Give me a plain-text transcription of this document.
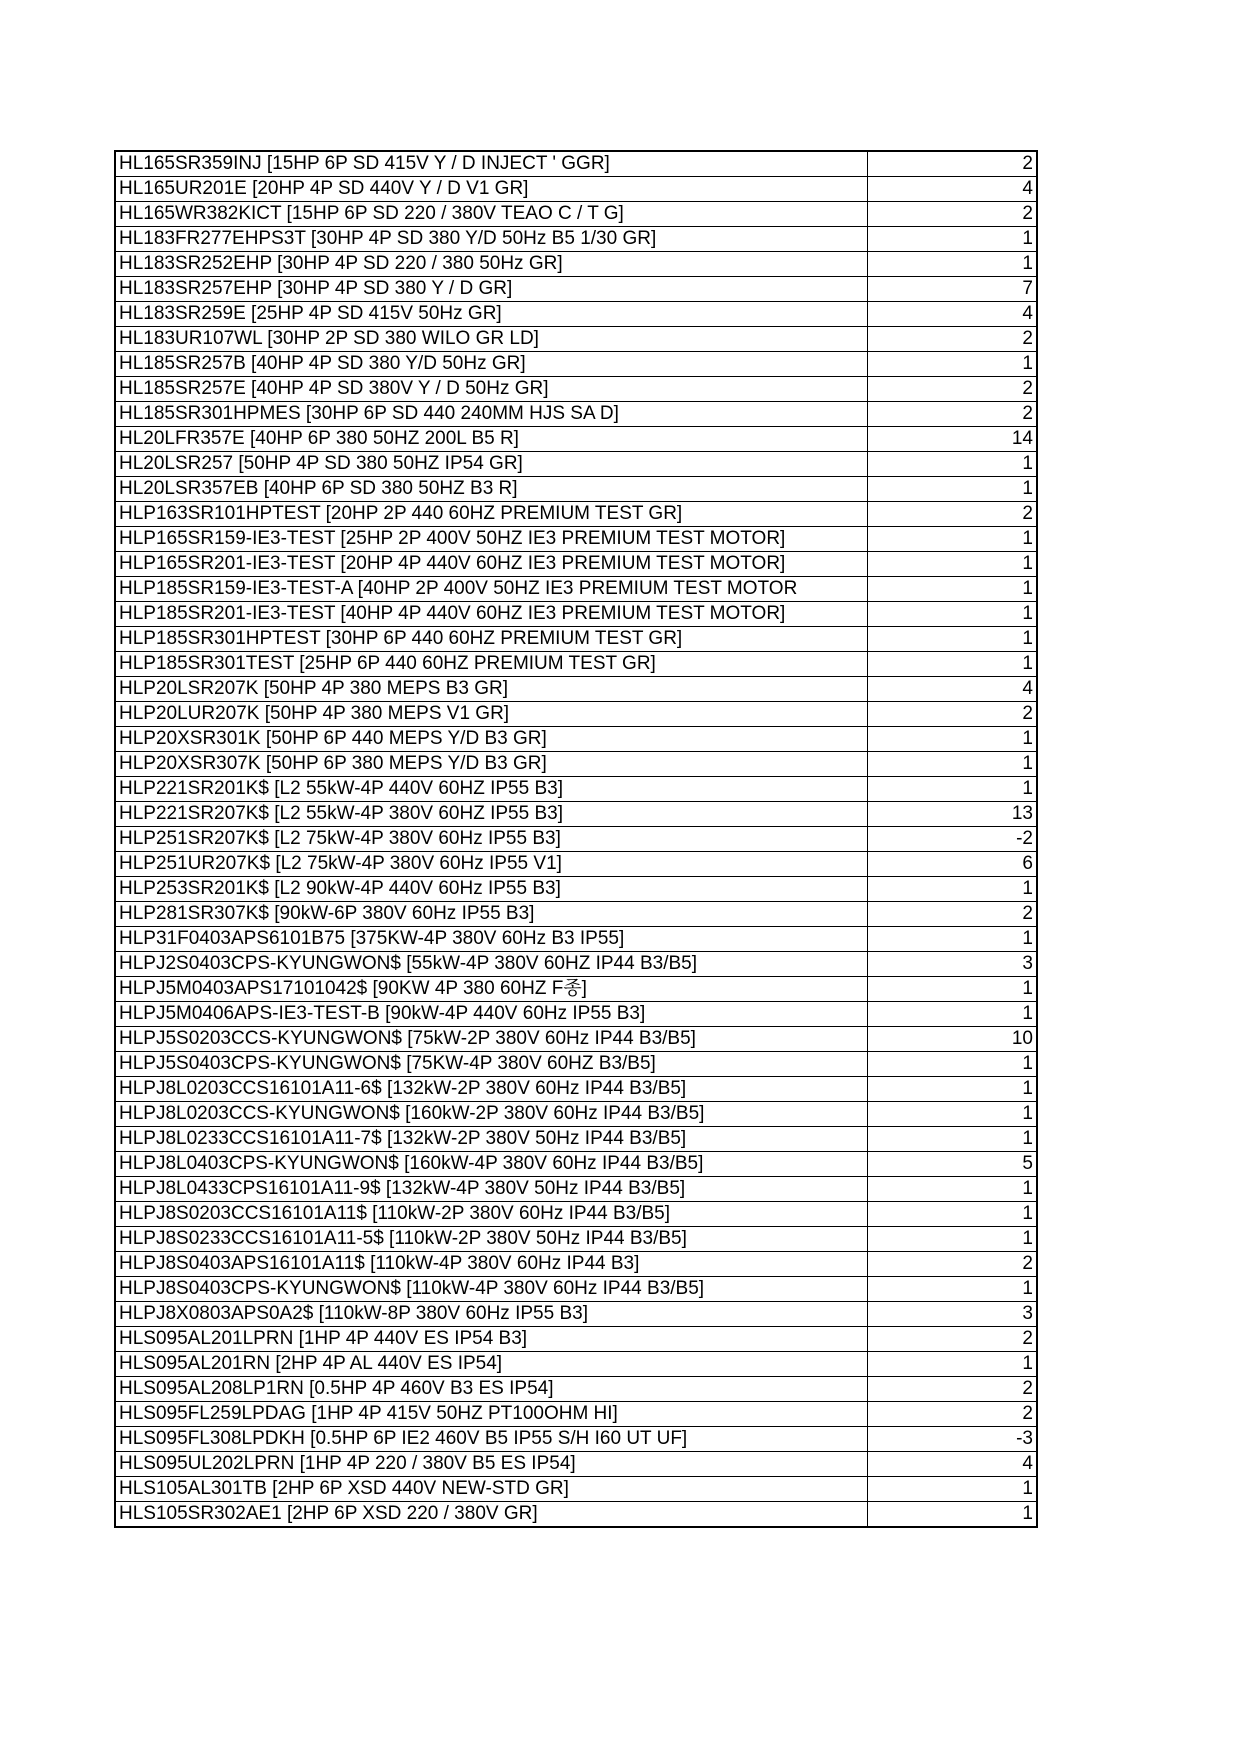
HL165SR359INJ [15HP 6P SD 415V Y / D INJECT ' GGR]	2
HL165UR201E [20HP 4P SD 440V Y / D V1 GR]	4
HL165WR382KICT [15HP 6P SD 220 / 380V TEAO C / T G]	2
HL183FR277EHPS3T [30HP 4P SD 380 Y/D 50Hz B5 1/30 GR]	1
HL183SR252EHP [30HP 4P SD 220 / 380 50Hz GR]	1
HL183SR257EHP [30HP 4P SD 380 Y / D GR]	7
HL183SR259E [25HP 4P SD 415V 50Hz GR]	4
HL183UR107WL [30HP 2P SD 380 WILO GR LD]	2
HL185SR257B [40HP 4P SD 380 Y/D 50Hz GR]	1
HL185SR257E [40HP 4P SD 380V Y / D 50Hz GR]	2
HL185SR301HPMES [30HP 6P SD 440 240MM HJS SA D]	2
HL20LFR357E [40HP 6P 380 50HZ 200L B5 R]	14
HL20LSR257 [50HP 4P SD 380 50HZ IP54 GR]	1
HL20LSR357EB [40HP 6P SD 380 50HZ B3 R]	1
HLP163SR101HPTEST [20HP 2P 440 60HZ PREMIUM TEST GR]	2
HLP165SR159-IE3-TEST [25HP 2P 400V 50HZ IE3 PREMIUM TEST MOTOR]	1
HLP165SR201-IE3-TEST [20HP 4P 440V 60HZ IE3 PREMIUM TEST MOTOR]	1
HLP185SR159-IE3-TEST-A [40HP 2P 400V 50HZ IE3 PREMIUM TEST MOTOR	1
HLP185SR201-IE3-TEST [40HP 4P 440V 60HZ IE3 PREMIUM TEST MOTOR]	1
HLP185SR301HPTEST [30HP 6P 440 60HZ PREMIUM TEST GR]	1
HLP185SR301TEST [25HP 6P 440 60HZ PREMIUM TEST GR]	1
HLP20LSR207K [50HP 4P 380 MEPS B3 GR]	4
HLP20LUR207K [50HP 4P 380 MEPS V1 GR]	2
HLP20XSR301K [50HP 6P 440 MEPS Y/D B3 GR]	1
HLP20XSR307K [50HP 6P 380 MEPS Y/D B3 GR]	1
HLP221SR201K$ [L2 55kW-4P 440V 60HZ IP55 B3]	1
HLP221SR207K$ [L2 55kW-4P 380V 60HZ IP55 B3]	13
HLP251SR207K$ [L2 75kW-4P 380V 60Hz IP55 B3]	-2
HLP251UR207K$ [L2 75kW-4P 380V 60Hz IP55 V1]	6
HLP253SR201K$ [L2 90kW-4P 440V 60Hz IP55 B3]	1
HLP281SR307K$ [90kW-6P 380V 60Hz IP55 B3]	2
HLP31F0403APS6101B75 [375KW-4P 380V 60Hz B3 IP55]	1
HLPJ2S0403CPS-KYUNGWON$ [55kW-4P 380V 60HZ IP44 B3/B5]	3
HLPJ5M0403APS17101042$ [90KW 4P 380 60HZ F종]	1
HLPJ5M0406APS-IE3-TEST-B [90kW-4P 440V 60Hz IP55 B3]	1
HLPJ5S0203CCS-KYUNGWON$ [75kW-2P 380V 60Hz IP44 B3/B5]	10
HLPJ5S0403CPS-KYUNGWON$ [75KW-4P 380V 60HZ B3/B5]	1
HLPJ8L0203CCS16101A11-6$ [132kW-2P 380V 60Hz IP44 B3/B5]	1
HLPJ8L0203CCS-KYUNGWON$ [160kW-2P 380V 60Hz IP44 B3/B5]	1
HLPJ8L0233CCS16101A11-7$ [132kW-2P 380V 50Hz IP44 B3/B5]	1
HLPJ8L0403CPS-KYUNGWON$ [160kW-4P 380V 60Hz IP44 B3/B5]	5
HLPJ8L0433CPS16101A11-9$ [132kW-4P 380V 50Hz IP44 B3/B5]	1
HLPJ8S0203CCS16101A11$ [110kW-2P 380V 60Hz IP44 B3/B5]	1
HLPJ8S0233CCS16101A11-5$ [110kW-2P 380V 50Hz IP44 B3/B5]	1
HLPJ8S0403APS16101A11$ [110kW-4P 380V 60Hz IP44 B3]	2
HLPJ8S0403CPS-KYUNGWON$ [110kW-4P 380V 60Hz IP44 B3/B5]	1
HLPJ8X0803APS0A2$ [110kW-8P 380V 60Hz IP55 B3]	3
HLS095AL201LPRN [1HP 4P 440V ES IP54 B3]	2
HLS095AL201RN [2HP 4P AL 440V ES IP54]	1
HLS095AL208LP1RN [0.5HP 4P 460V B3 ES IP54]	2
HLS095FL259LPDAG [1HP 4P 415V 50HZ PT100OHM HI]	2
HLS095FL308LPDKH [0.5HP 6P IE2 460V B5 IP55 S/H I60 UT UF]	-3
HLS095UL202LPRN [1HP 4P 220 / 380V B5 ES IP54]	4
HLS105AL301TB [2HP 6P XSD 440V NEW-STD GR]	1
HLS105SR302AE1 [2HP 6P XSD 220 / 380V GR]	1
